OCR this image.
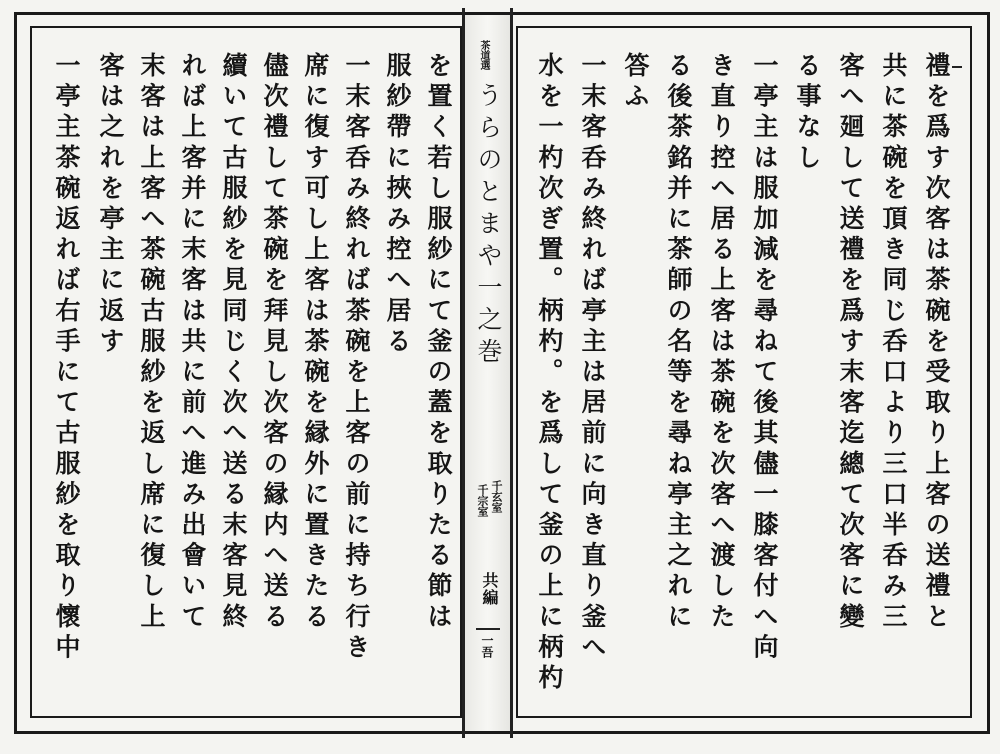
禮を爲す次客は茶碗を受取り上客の送禮と
共に茶碗を頂き同じ呑口より三口半呑み三
客へ廻して送禮を爲す末客迄總て次客に變
る事なし
一亭主は服加減を尋ねて後其儘一膝客付へ向
き直り控へ居る上客は茶碗を次客へ渡した
る後茶銘并に茶師の名等を尋ね亭主之れに
答ふ
一末客呑み終れば亭主は居前に向き直り釜へ
水を一杓次ぎ置。柄杓。を爲して釜の上に柄杓
茶道選
うらのとまや一之巻
千玄室
千宗室
共編
一吾
を置く若し服紗にて釜の蓋を取りたる節は
服紗帶に挾み控へ居る
一末客呑み終れば茶碗を上客の前に持ち行き
席に復す可し上客は茶碗を縁外に置きたる
儘次禮して茶碗を拜見し次客の縁内へ送る
續いて古服紗を見同じく次へ送る末客見終
れば上客并に末客は共に前へ進み出會いて
末客は上客へ茶碗古服紗を返し席に復し上
客は之れを亭主に返す
一亭主茶碗返れば右手にて古服紗を取り懷中
